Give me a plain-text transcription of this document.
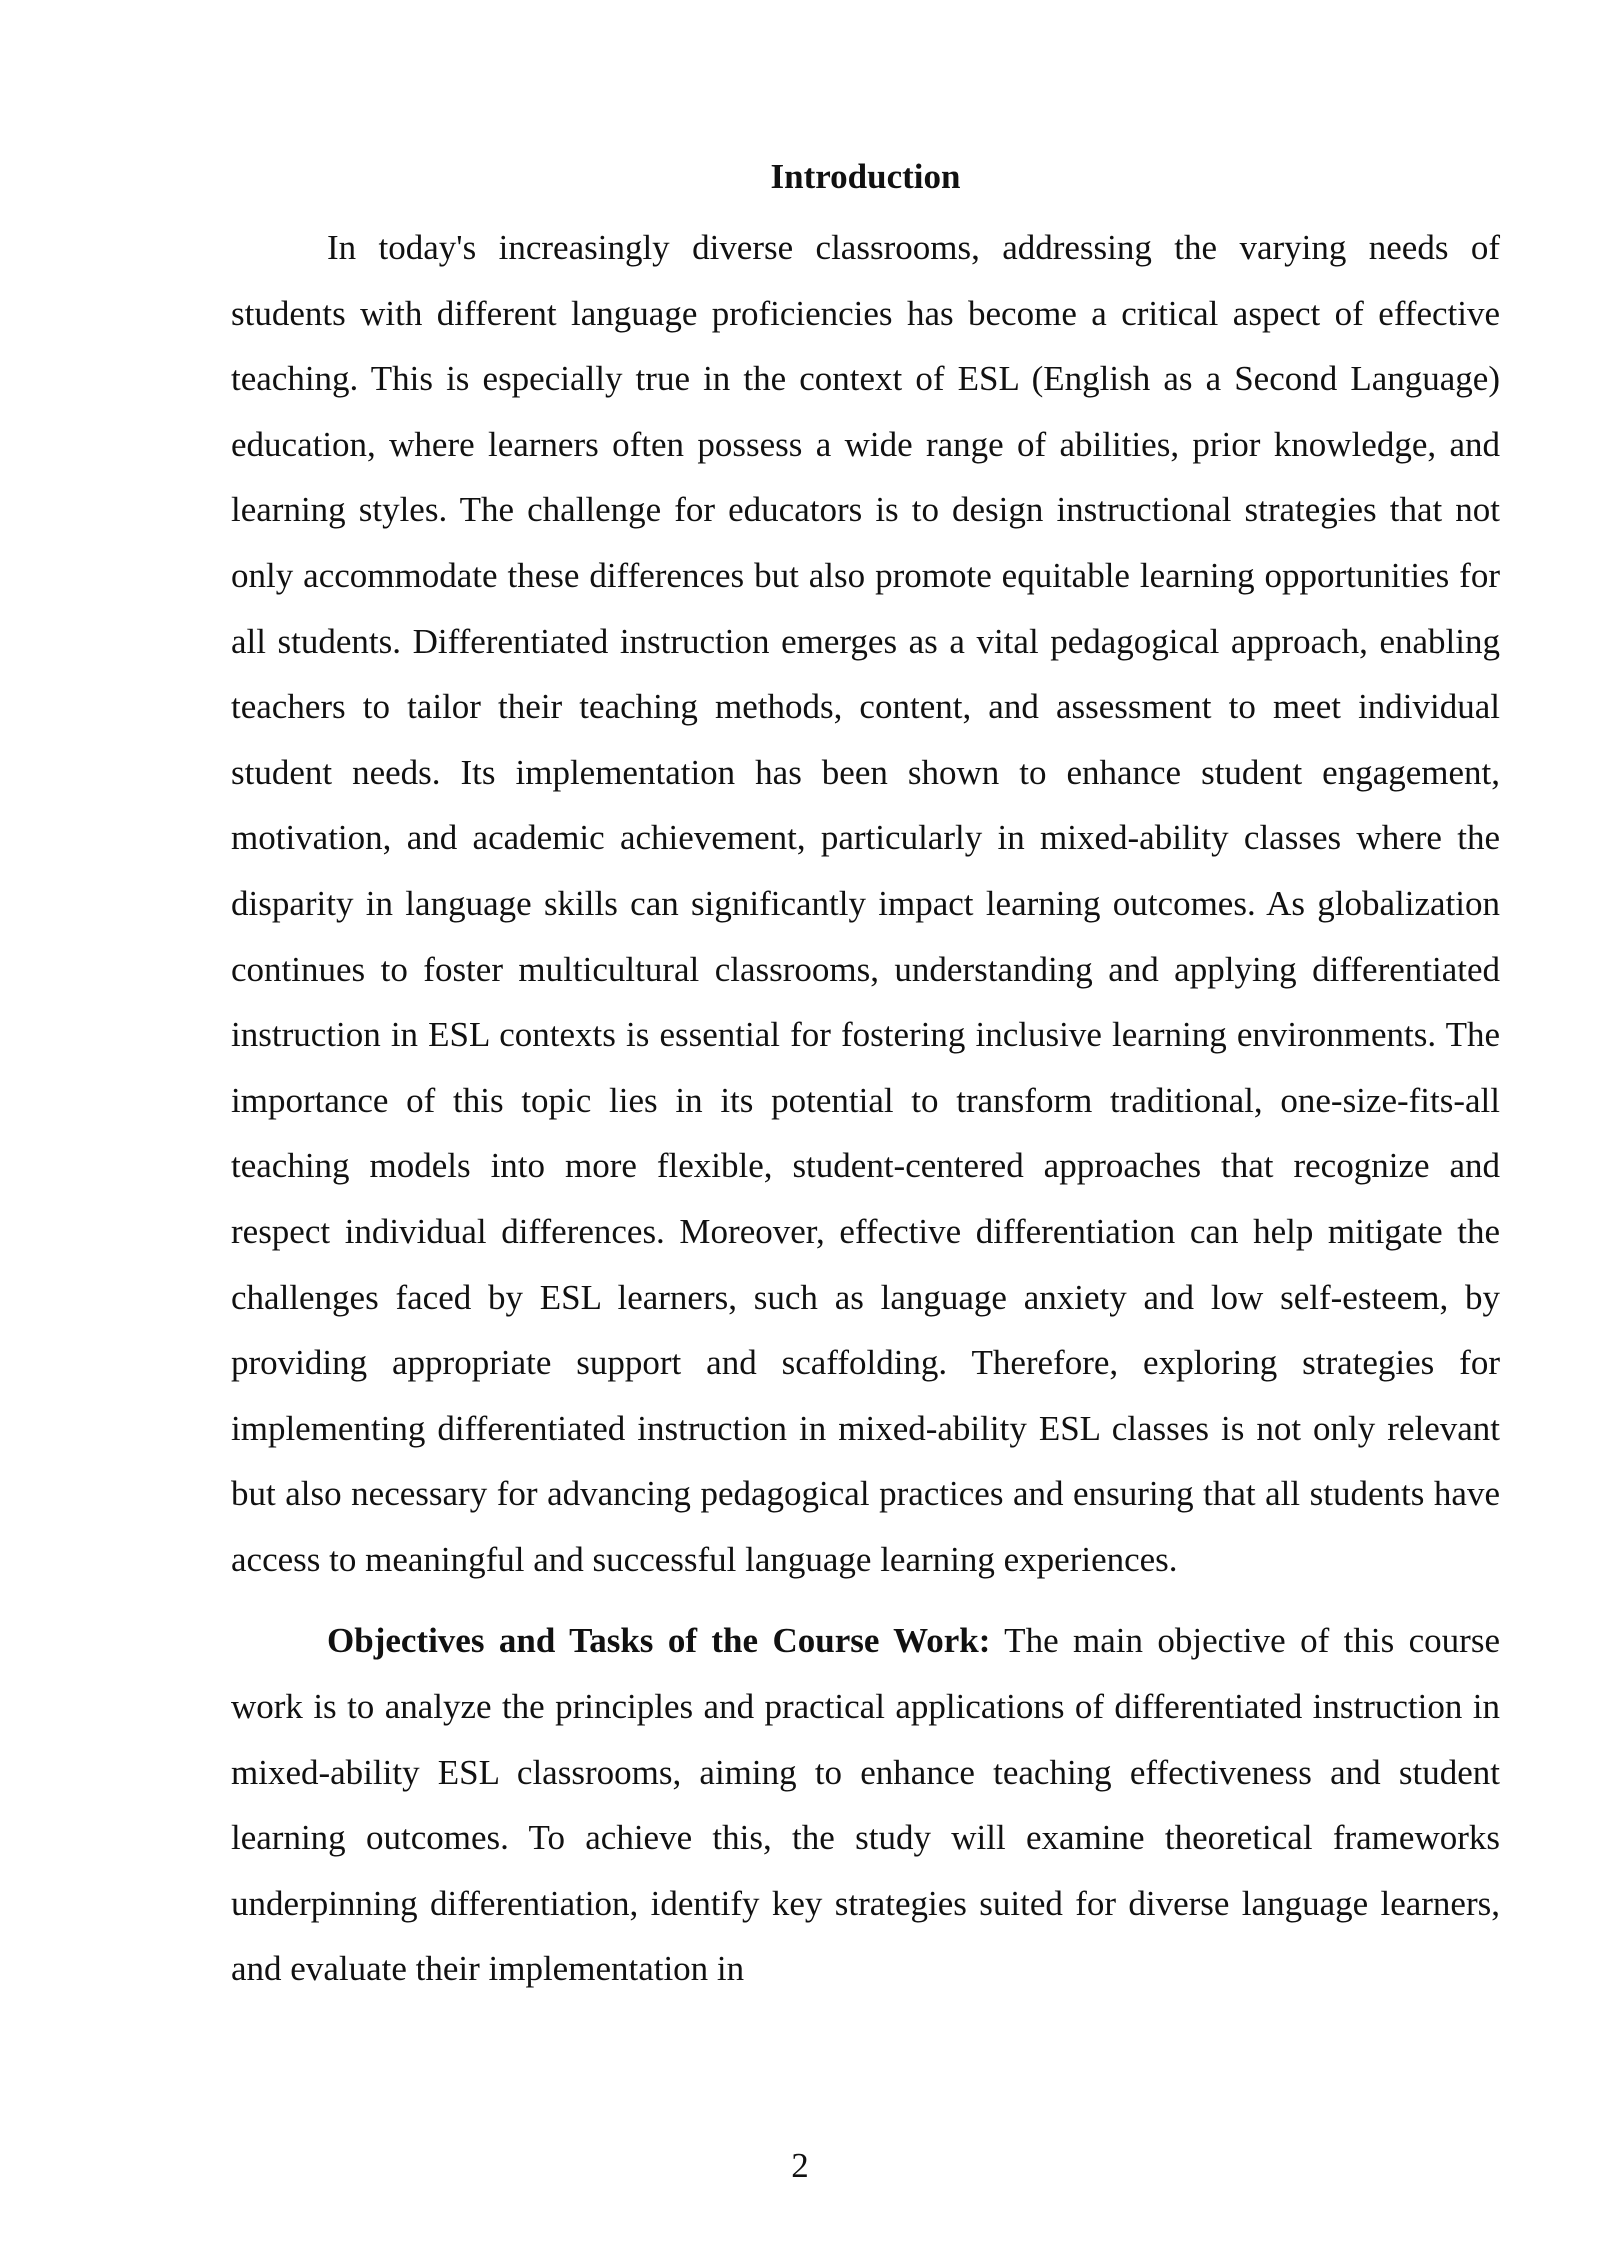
Introduction

In today's increasingly diverse classrooms, addressing the varying needs of students with different language proficiencies has become a critical aspect of effective teaching. This is especially true in the context of ESL (English as a Second Language) education, where learners often possess a wide range of abilities, prior knowledge, and learning styles. The challenge for educators is to design instructional strategies that not only accommodate these differences but also promote equitable learning opportunities for all students. Differentiated instruction emerges as a vital pedagogical approach, enabling teachers to tailor their teaching methods, content, and assessment to meet individual student needs. Its implementation has been shown to enhance student engagement, motivation, and academic achievement, particularly in mixed-ability classes where the disparity in language skills can significantly impact learning outcomes. As globalization continues to foster multicultural classrooms, understanding and applying differentiated instruction in ESL contexts is essential for fostering inclusive learning environments. The importance of this topic lies in its potential to transform traditional, one-size-fits-all teaching models into more flexible, student-centered approaches that recognize and respect individual differences. Moreover, effective differentiation can help mitigate the challenges faced by ESL learners, such as language anxiety and low self-esteem, by providing appropriate support and scaffolding. Therefore, exploring strategies for implementing differentiated instruction in mixed-ability ESL classes is not only relevant but also necessary for advancing pedagogical practices and ensuring that all students have access to meaningful and successful language learning experiences.

Objectives and Tasks of the Course Work: The main objective of this course work is to analyze the principles and practical applications of differentiated instruction in mixed-ability ESL classrooms, aiming to enhance teaching effectiveness and student learning outcomes. To achieve this, the study will examine theoretical frameworks underpinning differentiation, identify key strategies suited for diverse language learners, and evaluate their implementation in

2
